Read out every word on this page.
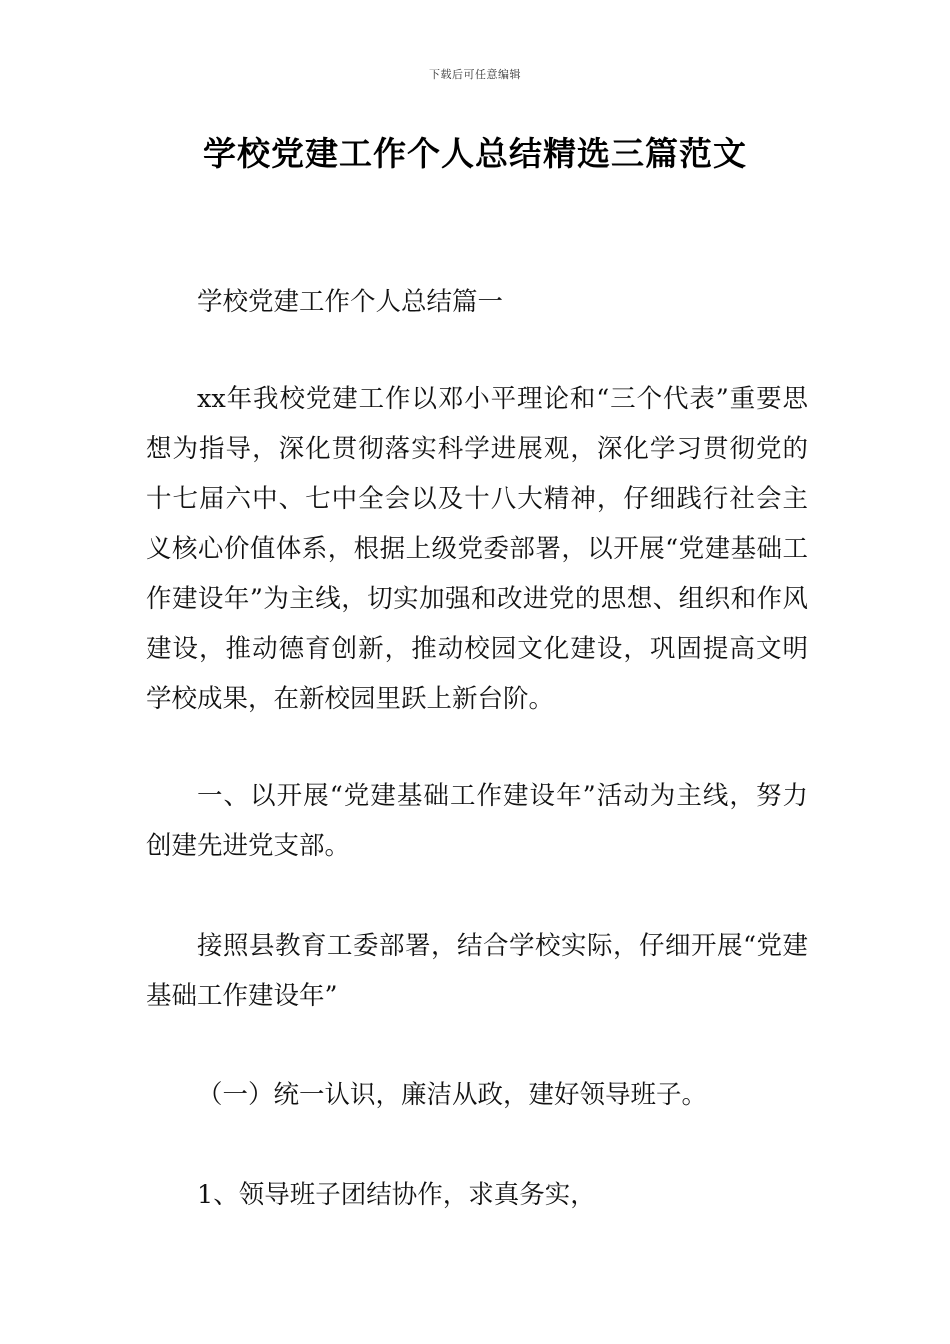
下载后可任意编辑
学校党建工作个人总结精选三篇范文
学校党建工作个人总结篇一
xx年我校党建工作以邓小平理论和“三个代表”重要思想为指导，深化贯彻落实科学进展观，深化学习贯彻党的十七届六中、七中全会以及十八大精神，仔细践行社会主义核心价值体系，根据上级党委部署，以开展“党建基础工作建设年”为主线，切实加强和改进党的思想、组织和作风建设，推动德育创新，推动校园文化建设，巩固提高文明学校成果，在新校园里跃上新台阶。
一、以开展“党建基础工作建设年”活动为主线，努力创建先进党支部。
接照县教育工委部署，结合学校实际，仔细开展“党建基础工作建设年”
（一）统一认识，廉洁从政，建好领导班子。
1、领导班子团结协作，求真务实，
